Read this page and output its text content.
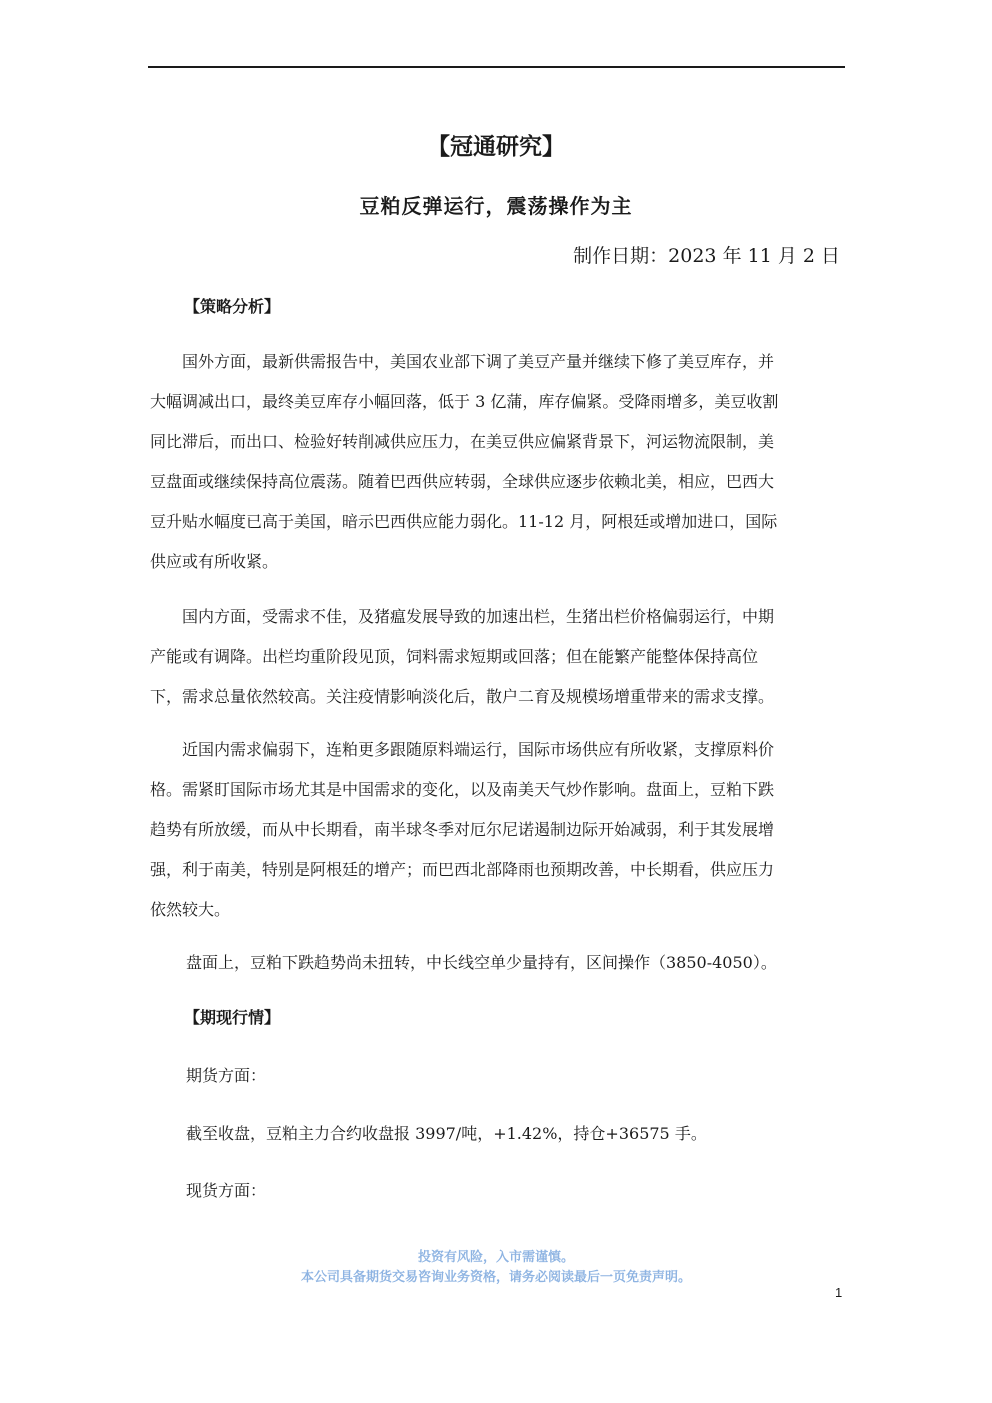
【冠通研究】
豆粕反弹运行，震荡操作为主
制作日期：2023 年 11 月 2 日
【策略分析】

　　国外方面，最新供需报告中，美国农业部下调了美豆产量并继续下修了美豆库存，并
大幅调减出口，最终美豆库存小幅回落，低于 3 亿蒲，库存偏紧。受降雨增多，美豆收割
同比滞后，而出口、检验好转削减供应压力，在美豆供应偏紧背景下，河运物流限制，美
豆盘面或继续保持高位震荡。随着巴西供应转弱，全球供应逐步依赖北美，相应，巴西大
豆升贴水幅度已高于美国，暗示巴西供应能力弱化。11-12 月，阿根廷或增加进口，国际
供应或有所收紧。

　　国内方面，受需求不佳，及猪瘟发展导致的加速出栏，生猪出栏价格偏弱运行，中期
产能或有调降。出栏均重阶段见顶，饲料需求短期或回落；但在能繁产能整体保持高位
下，需求总量依然较高。关注疫情影响淡化后，散户二育及规模场增重带来的需求支撑。

　　近国内需求偏弱下，连粕更多跟随原料端运行，国际市场供应有所收紧，支撑原料价
格。需紧盯国际市场尤其是中国需求的变化，以及南美天气炒作影响。盘面上，豆粕下跌
趋势有所放缓，而从中长期看，南半球冬季对厄尔尼诺遏制边际开始减弱，利于其发展增
强，利于南美，特别是阿根廷的增产；而巴西北部降雨也预期改善，中长期看，供应压力
依然较大。

盘面上，豆粕下跌趋势尚未扭转，中长线空单少量持有，区间操作（3850-4050）。
【期现行情】
期货方面：
截至收盘，豆粕主力合约收盘报 3997/吨，+1.42%，持仓+36575 手。
现货方面：
投资有风险，入市需谨慎。
本公司具备期货交易咨询业务资格，请务必阅读最后一页免责声明。
1
